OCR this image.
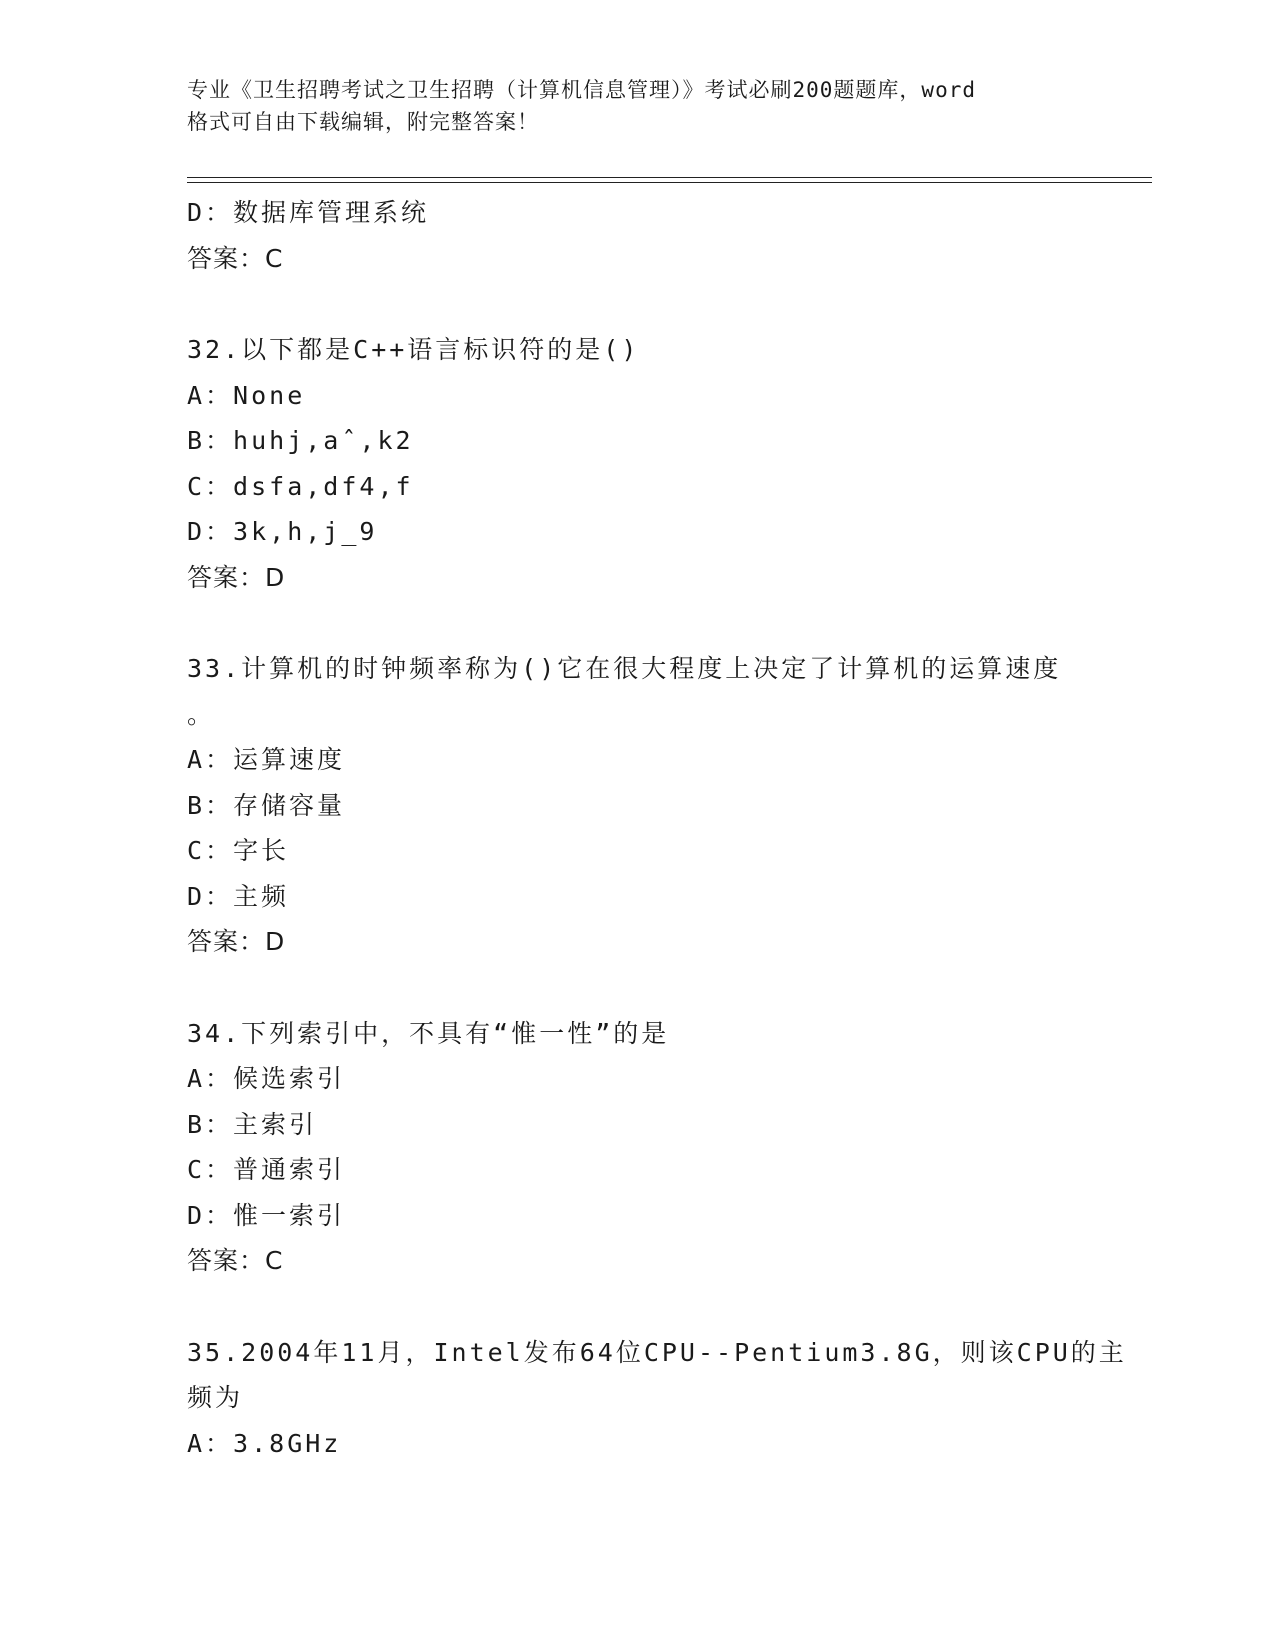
专业《卫生招聘考试之卫生招聘（计算机信息管理）》考试必刷200题题库，word
格式可自由下载编辑，附完整答案！
D：数据库管理系统
答案：C
32.以下都是C++语言标识符的是()
A：None
B：huhj,aˆ,k2
C：dsfa,df4,f
D：3k,h,j_9
答案：D
33.计算机的时钟频率称为()它在很大程度上决定了计算机的运算速度
。
A：运算速度
B：存储容量
C：字长
D：主频
答案：D
34.下列索引中，不具有“惟一性”的是
A：候选索引
B：主索引
C：普通索引
D：惟一索引
答案：C
35.2004年11月，Intel发布64位CPU--Pentium3.8G，则该CPU的主
频为
A：3.8GHz
